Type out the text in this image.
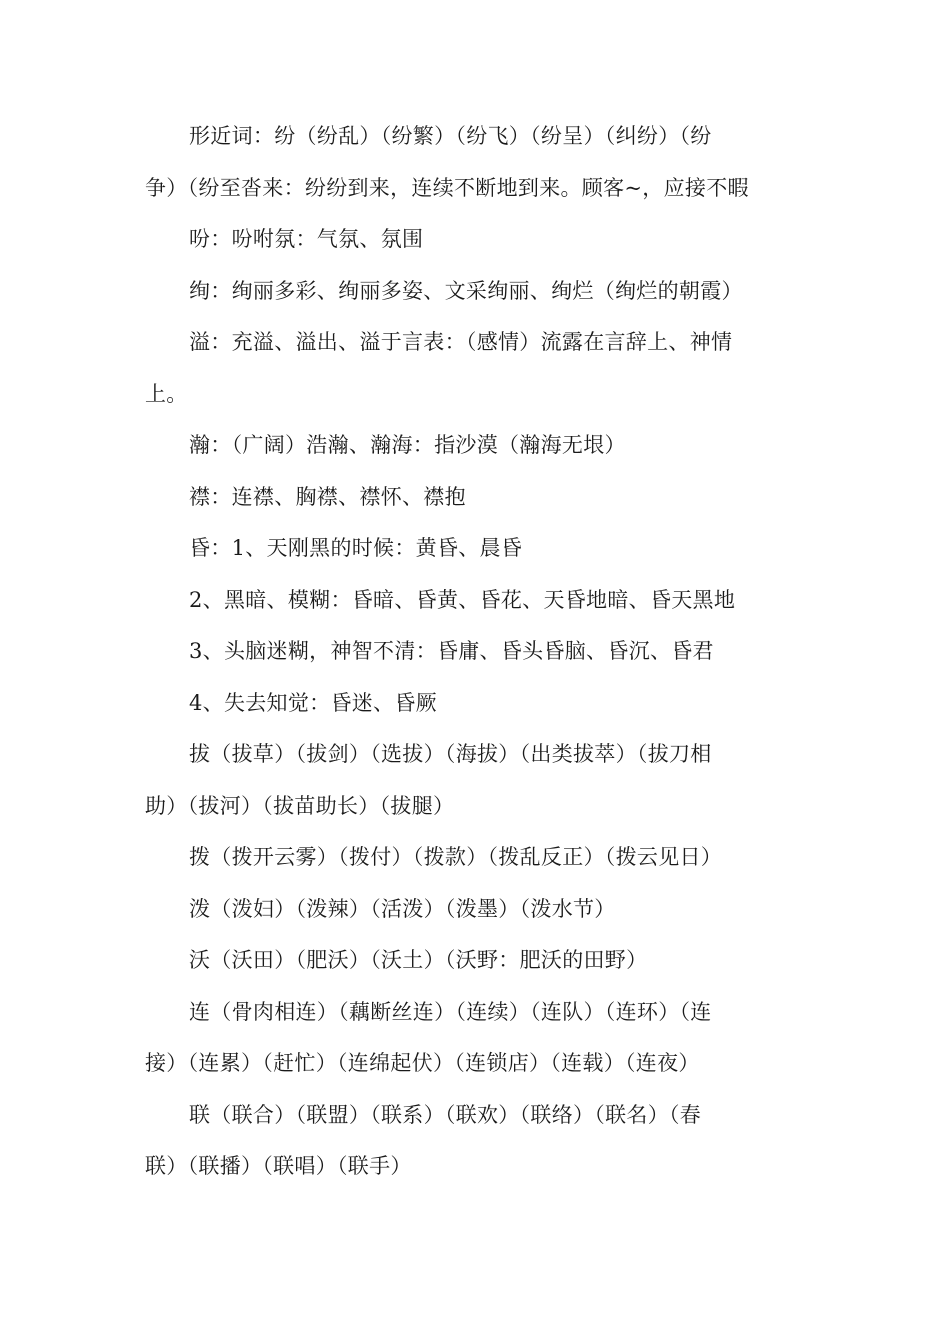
形近词：纷（纷乱）（纷繁）（纷飞）（纷呈）（纠纷）（纷
争）（纷至沓来：纷纷到来，连续不断地到来。顾客~，应接不暇
吩：吩咐氛：气氛、氛围
绚：绚丽多彩、绚丽多姿、文采绚丽、绚烂（绚烂的朝霞）
溢：充溢、溢出、溢于言表：（感情）流露在言辞上、神情
上。
瀚：（广阔）浩瀚、瀚海：指沙漠（瀚海无垠）
襟：连襟、胸襟、襟怀、襟抱
昏：1、天刚黑的时候：黄昏、晨昏
2、黑暗、模糊：昏暗、昏黄、昏花、天昏地暗、昏天黑地
3、头脑迷糊，神智不清：昏庸、昏头昏脑、昏沉、昏君
4、失去知觉：昏迷、昏厥
拔（拔草）（拔剑）（选拔）（海拔）（出类拔萃）（拔刀相
助）（拔河）（拔苗助长）（拔腿）
拨（拨开云雾）（拨付）（拨款）（拨乱反正）（拨云见日）
泼（泼妇）（泼辣）（活泼）（泼墨）（泼水节）
沃（沃田）（肥沃）（沃土）（沃野：肥沃的田野）
连（骨肉相连）（藕断丝连）（连续）（连队）（连环）（连
接）（连累）（赶忙）（连绵起伏）（连锁店）（连载）（连夜）
联（联合）（联盟）（联系）（联欢）（联络）（联名）（春
联）（联播）（联唱）（联手）
